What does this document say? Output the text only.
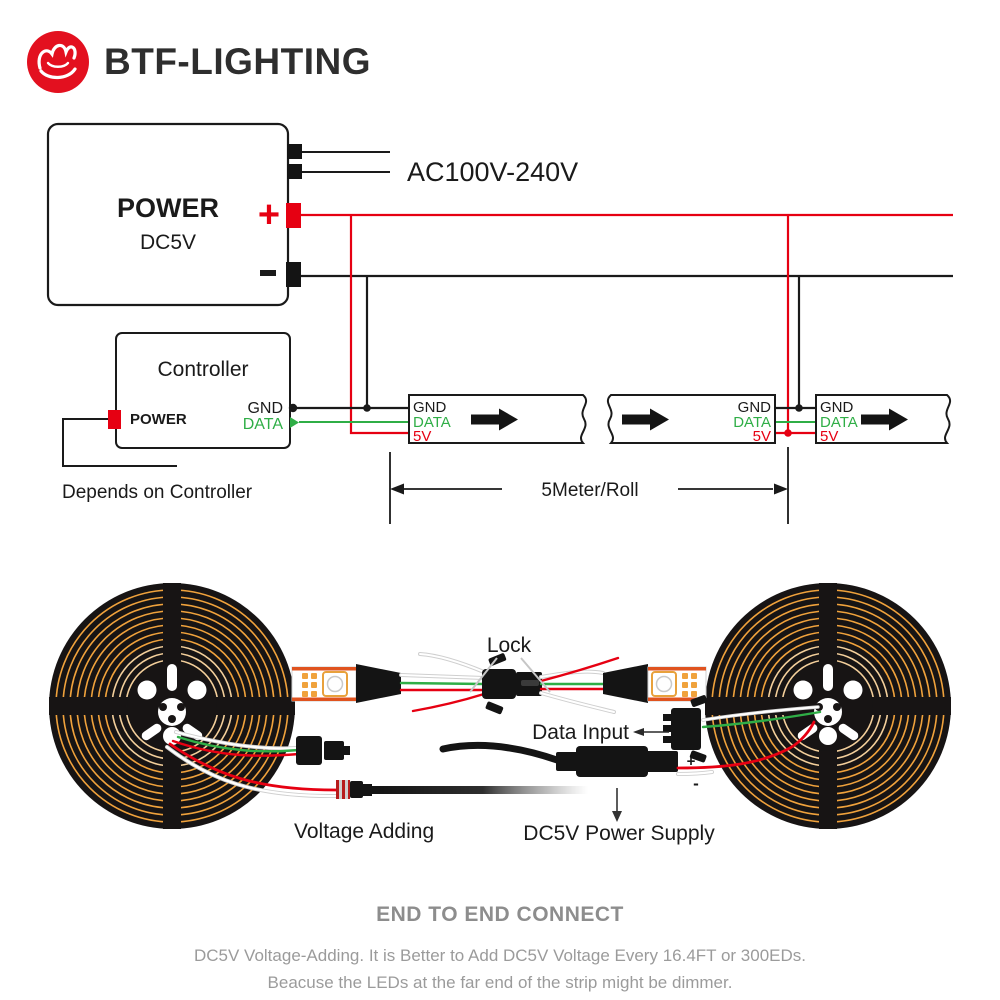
BTF-LIGHTING
POWER
DC5V
+
AC100V-240V
Controller
POWER
GND
DATA
Depends on Controller
GND
DATA
5V
GND
DATA
5V
GND
DATA
5V
5Meter/Roll
Lock
Voltage Adding
Data Input
+
-
DC5V Power Supply
END TO END CONNECT
DC5V Voltage-Adding. It is Better to Add DC5V Voltage Every 16.4FT or 300EDs.
Beacuse the LEDs at the far end of the strip might be dimmer.
